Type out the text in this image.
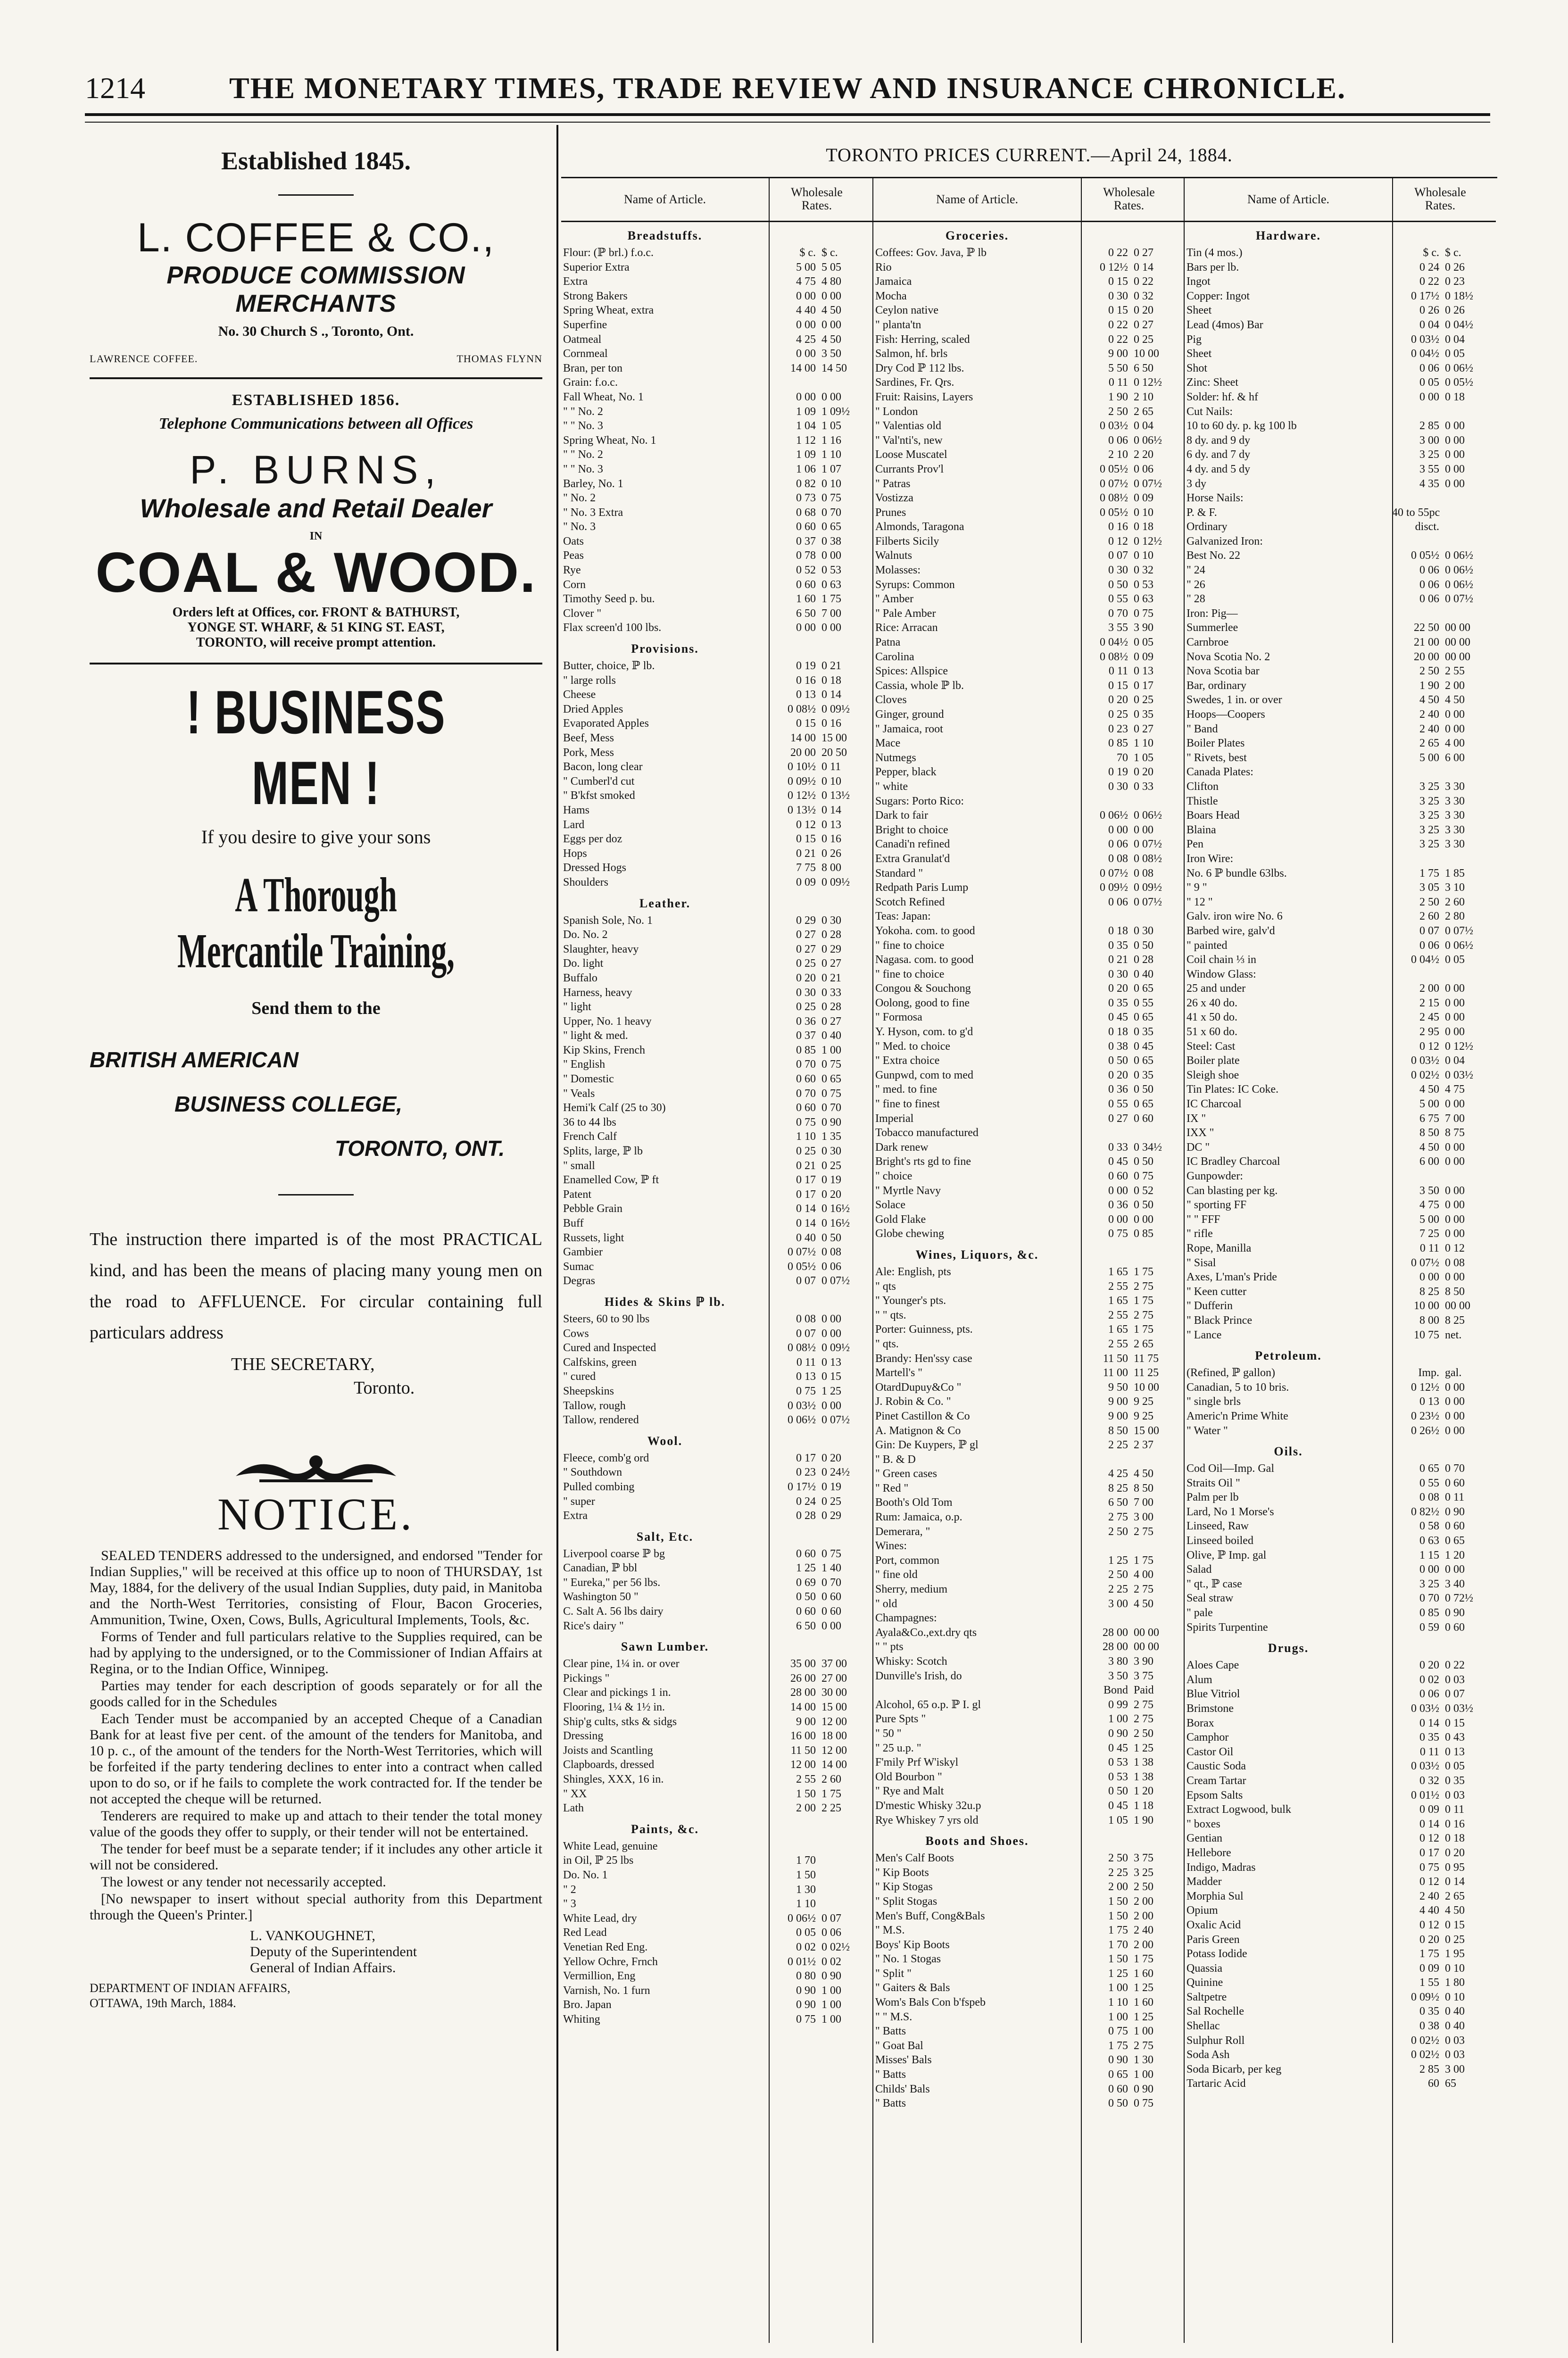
1214	THE MONETARY TIMES, TRADE REVIEW AND INSURANCE CHRONICLE.
Established 1845.
L. COFFEE & CO.,
PRODUCE COMMISSION MERCHANTS
No. 30 Church S ., Toronto, Ont.
LAWRENCE COFFEE.	THOMAS FLYNN
ESTABLISHED 1856.
Telephone Communications between all Offices
P. BURNS,
Wholesale and Retail Dealer
IN
COAL & WOOD.
Orders left at Offices, cor. FRONT & BATHURST,
YONGE ST. WHARF, & 51 KING ST. EAST,
TORONTO, will receive prompt attention.
! BUSINESS MEN !
If you desire to give your sons
A Thorough Mercantile Training,
Send them to the
BRITISH AMERICAN
BUSINESS COLLEGE,
TORONTO, ONT.
The instruction there imparted is of the most PRACTICAL kind, and has been the means of placing many young men on the road to AFFLUENCE. For circular containing full particulars address
THE SECRETARY,
Toronto.
NOTICE.

SEALED TENDERS addressed to the undersigned, and endorsed "Tender for Indian Supplies," will be received at this office up to noon of THURSDAY, 1st May, 1884, for the delivery of the usual Indian Supplies, duty paid, in Manitoba and the North-West Territories, consisting of Flour, Bacon Groceries, Ammunition, Twine, Oxen, Cows, Bulls, Agricultural Implements, Tools, &c.

Forms of Tender and full particulars relative to the Supplies required, can be had by applying to the undersigned, or to the Commissioner of Indian Affairs at Regina, or to the Indian Office, Winnipeg.

Parties may tender for each description of goods separately or for all the goods called for in the Schedules

Each Tender must be accompanied by an accepted Cheque of a Canadian Bank for at least five per cent. of the amount of the tenders for Manitoba, and 10 p. c., of the amount of the tenders for the North-West Territories, which will be forfeited if the party tendering declines to enter into a contract when called upon to do so, or if he fails to complete the work contracted for. If the tender be not accepted the cheque will be returned.

Tenderers are required to make up and attach to their tender the total money value of the goods they offer to supply, or their tender will not be entertained.

The tender for beef must be a separate tender; if it includes any other article it will not be considered.

The lowest or any tender not necessarily accepted.

[No newspaper to insert without special authority from this Department through the Queen's Printer.]

L. VANKOUGHNET,
Deputy of the Superintendent
General of Indian Affairs.
DEPARTMENT OF INDIAN AFFAIRS,
OTTAWA, 19th March, 1884.
TORONTO PRICES CURRENT.—April 24, 1884.
Name of Article.
Wholesale
Rates.
Breadstuffs.
Flour: (ℙ brl.) f.o.c.	$ c. $ c.
Superior Extra	5 00 5 05
Extra	4 75 4 80
Strong Bakers	0 00 0 00
Spring Wheat, extra	4 40 4 50
Superfine	0 00 0 00
Oatmeal	4 25 4 50
Cornmeal	0 00 3 50
Bran, per ton	14 00 14 50
Grain: f.o.c.
Fall Wheat, No. 1	0 00 0 00
" " No. 2	1 09 1 09½
" " No. 3	1 04 1 05
Spring Wheat, No. 1	1 12 1 16
" " No. 2	1 09 1 10
" " No. 3	1 06 1 07
Barley, No. 1	0 82 0 10
" No. 2	0 73 0 75
" No. 3 Extra	0 68 0 70
" No. 3	0 60 0 65
Oats	0 37 0 38
Peas	0 78 0 00
Rye	0 52 0 53
Corn	0 60 0 63
Timothy Seed p. bu.	1 60 1 75
Clover "	6 50 7 00
Flax screen'd 100 lbs.	0 00 0 00
Provisions.
Butter, choice, ℙ lb.	0 19 0 21
" large rolls	0 16 0 18
Cheese	0 13 0 14
Dried Apples	0 08½ 0 09½
Evaporated Apples	0 15 0 16
Beef, Mess	14 00 15 00
Pork, Mess	20 00 20 50
Bacon, long clear	0 10½ 0 11
" Cumberl'd cut	0 09½ 0 10
" B'kfst smoked	0 12½ 0 13½
Hams	0 13½ 0 14
Lard	0 12 0 13
Eggs per doz	0 15 0 16
Hops	0 21 0 26
Dressed Hogs	7 75 8 00
Shoulders	0 09 0 09½
Leather.
Spanish Sole, No. 1	0 29 0 30
Do. No. 2	0 27 0 28
Slaughter, heavy	0 27 0 29
Do. light	0 25 0 27
Buffalo	0 20 0 21
Harness, heavy	0 30 0 33
" light	0 25 0 28
Upper, No. 1 heavy	0 36 0 27
" light & med.	0 37 0 40
Kip Skins, French	0 85 1 00
" English	0 70 0 75
" Domestic	0 60 0 65
" Veals	0 70 0 75
Hemi'k Calf (25 to 30)	0 60 0 70
36 to 44 lbs	0 75 0 90
French Calf	1 10 1 35
Splits, large, ℙ lb	0 25 0 30
" small	0 21 0 25
Enamelled Cow, ℙ ft	0 17 0 19
Patent	0 17 0 20
Pebble Grain	0 14 0 16½
Buff	0 14 0 16½
Russets, light	0 40 0 50
Gambier	0 07½ 0 08
Sumac	0 05½ 0 06
Degras	0 07 0 07½
Hides & Skins ℙ lb.
Steers, 60 to 90 lbs	0 08 0 00
Cows	0 07 0 00
Cured and Inspected	0 08½ 0 09½
Calfskins, green	0 11 0 13
" cured	0 13 0 15
Sheepskins	0 75 1 25
Tallow, rough	0 03½ 0 00
Tallow, rendered	0 06½ 0 07½
Wool.
Fleece, comb'g ord	0 17 0 20
" Southdown	0 23 0 24½
Pulled combing	0 17½ 0 19
" super	0 24 0 25
Extra	0 28 0 29
Salt, Etc.
Liverpool coarse ℙ bg	0 60 0 75
Canadian, ℙ bbl	1 25 1 40
" Eureka," per 56 lbs.	0 69 0 70
Washington 50 "	0 50 0 60
C. Salt A. 56 lbs dairy	0 60 0 60
Rice's dairy "	6 50 0 00
Sawn Lumber.
Clear pine, 1¼ in. or over	35 00 37 00
Pickings "	26 00 27 00
Clear and pickings 1 in.	28 00 30 00
Flooring, 1¼ & 1½ in.	14 00 15 00
Ship'g cults, stks & sidgs	9 00 12 00
Dressing	16 00 18 00
Joists and Scantling	11 50 12 00
Clapboards, dressed	12 00 14 00
Shingles, XXX, 16 in.	2 55 2 60
" XX	1 50 1 75
Lath	2 00 2 25
Paints, &c.
White Lead, genuine
in Oil, ℙ 25 lbs	1 70
Do. No. 1	1 50
" 2	1 30
" 3	1 10
White Lead, dry	0 06½ 0 07
Red Lead	0 05 0 06
Venetian Red Eng.	0 02 0 02½
Yellow Ochre, Frnch	0 01½ 0 02
Vermillion, Eng	0 80 0 90
Varnish, No. 1 furn	0 90 1 00
Bro. Japan	0 90 1 00
Whiting	0 75 1 00
Name of Article.
Wholesale
Rates.
Groceries.
Coffees: Gov. Java, ℙ lb	0 22 0 27
Rio	0 12½ 0 14
Jamaica	0 15 0 22
Mocha	0 30 0 32
Ceylon native	0 15 0 20
" planta'tn	0 22 0 27
Fish: Herring, scaled	0 22 0 25
Salmon, hf. brls	9 00 10 00
Dry Cod ℙ 112 lbs.	5 50 6 50
Sardines, Fr. Qrs.	0 11 0 12½
Fruit: Raisins, Layers	1 90 2 10
" London	2 50 2 65
" Valentias old	0 03½ 0 04
" Val'nti's, new	0 06 0 06½
Loose Muscatel	2 10 2 20
Currants Prov'l	0 05½ 0 06
" Patras	0 07½ 0 07½
Vostizza	0 08½ 0 09
Prunes	0 05½ 0 10
Almonds, Taragona	0 16 0 18
Filberts Sicily	0 12 0 12½
Walnuts	0 07 0 10
Molasses:	0 30 0 32
Syrups: Common	0 50 0 53
" Amber	0 55 0 63
" Pale Amber	0 70 0 75
Rice: Arracan	3 55 3 90
Patna	0 04½ 0 05
Carolina	0 08½ 0 09
Spices: Allspice	0 11 0 13
Cassia, whole ℙ lb.	0 15 0 17
Cloves	0 20 0 25
Ginger, ground	0 25 0 35
" Jamaica, root	0 23 0 27
Mace	0 85 1 10
Nutmegs	70 1 05
Pepper, black	0 19 0 20
" white	0 30 0 33
Sugars: Porto Rico:
Dark to fair	0 06½ 0 06½
Bright to choice	0 00 0 00
Canadi'n refined	0 06 0 07½
Extra Granulat'd	0 08 0 08½
Standard "	0 07½ 0 08
Redpath Paris Lump	0 09½ 0 09½
Scotch Refined	0 06 0 07½
Teas: Japan:
Yokoha. com. to good	0 18 0 30
" fine to choice	0 35 0 50
Nagasa. com. to good	0 21 0 28
" fine to choice	0 30 0 40
Congou & Souchong	0 20 0 65
Oolong, good to fine	0 35 0 55
" Formosa	0 45 0 65
Y. Hyson, com. to g'd	0 18 0 35
" Med. to choice	0 38 0 45
" Extra choice	0 50 0 65
Gunpwd, com to med	0 20 0 35
" med. to fine	0 36 0 50
" fine to finest	0 55 0 65
Imperial	0 27 0 60
Tobacco manufactured
Dark renew	0 33 0 34½
Bright's rts gd to fine	0 45 0 50
" choice	0 60 0 75
" Myrtle Navy	0 00 0 52
Solace	0 36 0 50
Gold Flake	0 00 0 00
Globe chewing	0 75 0 85
Wines, Liquors, &c.
Ale: English, pts	1 65 1 75
" qts	2 55 2 75
" Younger's pts.	1 65 1 75
" " qts.	2 55 2 75
Porter: Guinness, pts.	1 65 1 75
" qts.	2 55 2 65
Brandy: Hen'ssy case	11 50 11 75
Martell's "	11 00 11 25
OtardDupuy&Co "	9 50 10 00
J. Robin & Co. "	9 00 9 25
Pinet Castillon & Co	9 00 9 25
A. Matignon & Co	8 50 15 00
Gin: De Kuypers, ℙ gl	2 25 2 37
" B. & D
" Green cases	4 25 4 50
" Red "	8 25 8 50
Booth's Old Tom	6 50 7 00
Rum: Jamaica, o.p.	2 75 3 00
Demerara, "	2 50 2 75
Wines:
Port, common	1 25 1 75
" fine old	2 50 4 00
Sherry, medium	2 25 2 75
" old	3 00 4 50
Champagnes:
Ayala&Co.,ext.dry qts	28 00 00 00
" " pts	28 00 00 00
Whisky: Scotch	3 80 3 90
Dunville's Irish, do	3 50 3 75
Bond Paid
Alcohol, 65 o.p. ℙ I. gl	0 99 2 75
Pure Spts "	1 00 2 75
" 50 "	0 90 2 50
" 25 u.p. "	0 45 1 25
F'mily Prf W'iskyl	0 53 1 38
Old Bourbon "	0 53 1 38
" Rye and Malt	0 50 1 20
D'mestic Whisky 32u.p	0 45 1 18
Rye Whiskey 7 yrs old	1 05 1 90
Boots and Shoes.
Men's Calf Boots	2 50 3 75
" Kip Boots	2 25 3 25
" Kip Stogas	2 00 2 50
" Split Stogas	1 50 2 00
Men's Buff, Cong&Bals	1 50 2 00
" M.S.	1 75 2 40
Boys' Kip Boots	1 70 2 00
" No. 1 Stogas	1 50 1 75
" Split "	1 25 1 60
" Gaiters & Bals	1 00 1 25
Wom's Bals Con b'fspeb	1 10 1 60
" " M.S.	1 00 1 25
" Batts	0 75 1 00
" Goat Bal	1 75 2 75
Misses' Bals	0 90 1 30
" Batts	0 65 1 00
Childs' Bals	0 60 0 90
" Batts	0 50 0 75
Name of Article.
Wholesale
Rates.
Hardware.
Tin (4 mos.)	$ c. $ c.
Bars per lb.	0 24 0 26
Ingot	0 22 0 23
Copper: Ingot	0 17½ 0 18½
Sheet	0 26 0 26
Lead (4mos) Bar	0 04 0 04½
Pig	0 03½ 0 04
Sheet	0 04½ 0 05
Shot	0 06 0 06½
Zinc: Sheet	0 05 0 05½
Solder: hf. & hf	0 00 0 18
Cut Nails:
10 to 60 dy. p. kg 100 lb	2 85 0 00
8 dy. and 9 dy	3 00 0 00
6 dy. and 7 dy	3 25 0 00
4 dy. and 5 dy	3 55 0 00
3 dy	4 35 0 00
Horse Nails:
P. & F.	40 to 55pc
Ordinary	disct.
Galvanized Iron:
Best No. 22	0 05½ 0 06½
" 24	0 06 0 06½
" 26	0 06 0 06½
" 28	0 06 0 07½
Iron: Pig—
Summerlee	22 50 00 00
Carnbroe	21 00 00 00
Nova Scotia No. 2	20 00 00 00
Nova Scotia bar	2 50 2 55
Bar, ordinary	1 90 2 00
Swedes, 1 in. or over	4 50 4 50
Hoops—Coopers	2 40 0 00
" Band	2 40 0 00
Boiler Plates	2 65 4 00
" Rivets, best	5 00 6 00
Canada Plates:
Clifton	3 25 3 30
Thistle	3 25 3 30
Boars Head	3 25 3 30
Blaina	3 25 3 30
Pen	3 25 3 30
Iron Wire:
No. 6 ℙ bundle 63lbs.	1 75 1 85
" 9 "	3 05 3 10
" 12 "	2 50 2 60
Galv. iron wire No. 6	2 60 2 80
Barbed wire, galv'd	0 07 0 07½
" painted	0 06 0 06½
Coil chain ⅓ in	0 04½ 0 05
Window Glass:
25 and under	2 00 0 00
26 x 40 do.	2 15 0 00
41 x 50 do.	2 45 0 00
51 x 60 do.	2 95 0 00
Steel: Cast	0 12 0 12½
Boiler plate	0 03½ 0 04
Sleigh shoe	0 02½ 0 03½
Tin Plates: IC Coke.	4 50 4 75
IC Charcoal	5 00 0 00
IX "	6 75 7 00
IXX "	8 50 8 75
DC "	4 50 0 00
IC Bradley Charcoal	6 00 0 00
Gunpowder:
Can blasting per kg.	3 50 0 00
" sporting FF	4 75 0 00
" " FFF	5 00 0 00
" rifle	7 25 0 00
Rope, Manilla	0 11 0 12
" Sisal	0 07½ 0 08
Axes, L'man's Pride	0 00 0 00
" Keen cutter	8 25 8 50
" Dufferin	10 00 00 00
" Black Prince	8 00 8 25
" Lance	10 75 net.
Petroleum.
(Refined, ℙ gallon)	Imp. gal.
Canadian, 5 to 10 bris.	0 12½ 0 00
" single brls	0 13 0 00
Americ'n Prime White	0 23½ 0 00
" Water "	0 26½ 0 00
Oils.
Cod Oil—Imp. Gal	0 65 0 70
Straits Oil "	0 55 0 60
Palm per lb	0 08 0 11
Lard, No 1 Morse's	0 82½ 0 90
Linseed, Raw	0 58 0 60
Linseed boiled	0 63 0 65
Olive, ℙ Imp. gal	1 15 1 20
Salad	0 00 0 00
" qt., ℙ case	3 25 3 40
Seal straw	0 70 0 72½
" pale	0 85 0 90
Spirits Turpentine	0 59 0 60
Drugs.
Aloes Cape	0 20 0 22
Alum	0 02 0 03
Blue Vitriol	0 06 0 07
Brimstone	0 03½ 0 03½
Borax	0 14 0 15
Camphor	0 35 0 43
Castor Oil	0 11 0 13
Caustic Soda	0 03½ 0 05
Cream Tartar	0 32 0 35
Epsom Salts	0 01½ 0 03
Extract Logwood, bulk	0 09 0 11
" boxes	0 14 0 16
Gentian	0 12 0 18
Hellebore	0 17 0 20
Indigo, Madras	0 75 0 95
Madder	0 12 0 14
Morphia Sul	2 40 2 65
Opium	4 40 4 50
Oxalic Acid	0 12 0 15
Paris Green	0 20 0 25
Potass Iodide	1 75 1 95
Quassia	0 09 0 10
Quinine	1 55 1 80
Saltpetre	0 09½ 0 10
Sal Rochelle	0 35 0 40
Shellac	0 38 0 40
Sulphur Roll	0 02½ 0 03
Soda Ash	0 02½ 0 03
Soda Bicarb, per keg	2 85 3 00
Tartaric Acid	60 65
